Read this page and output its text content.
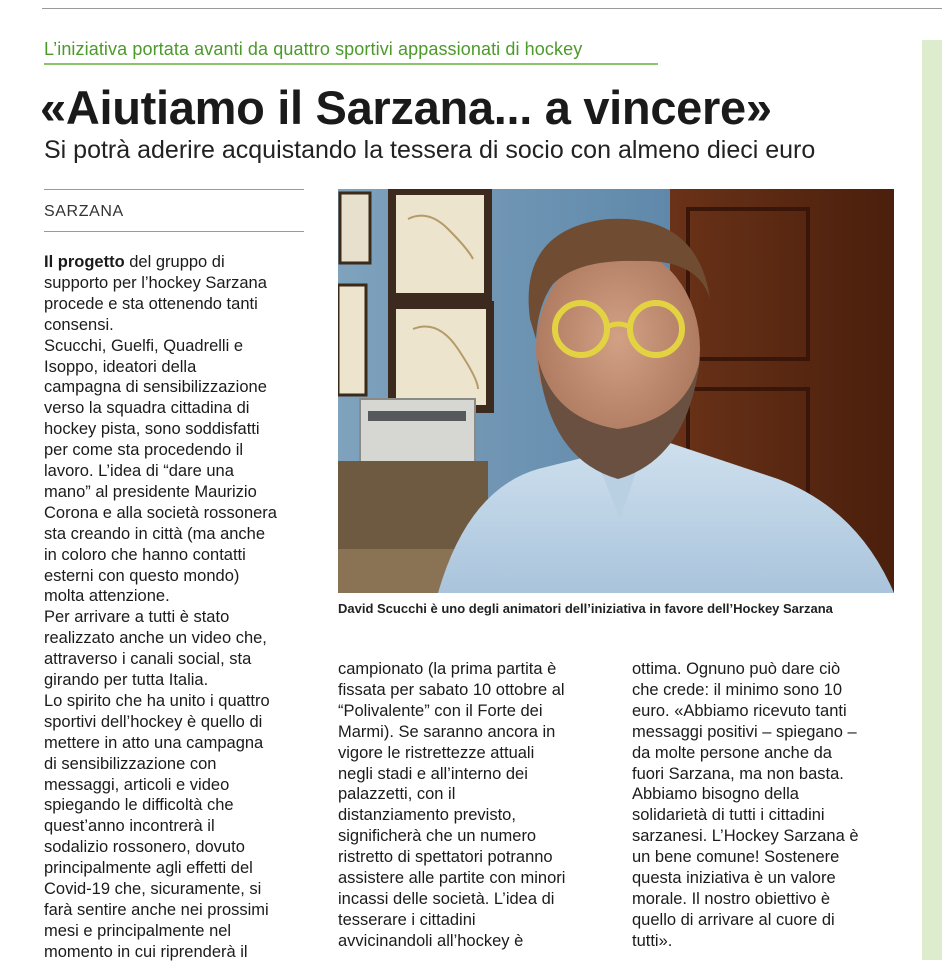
L’iniziativa portata avanti da quattro sportivi appassionati di hockey
«Aiutiamo il Sarzana... a vincere»
Si potrà aderire acquistando la tessera di socio con almeno dieci euro
SARZANA
Il progetto del gruppo di
supporto per l’hockey Sarzana
procede e sta ottenendo tanti
consensi.
Scucchi, Guelfi, Quadrelli e
Isoppo, ideatori della
campagna di sensibilizzazione
verso la squadra cittadina di
hockey pista, sono soddisfatti
per come sta procedendo il
lavoro. L’idea di “dare una
mano” al presidente Maurizio
Corona e alla società rossonera
sta creando in città (ma anche
in coloro che hanno contatti
esterni con questo mondo)
molta attenzione.
Per arrivare a tutti è stato
realizzato anche un video che,
attraverso i canali social, sta
girando per tutta Italia.
Lo spirito che ha unito i quattro
sportivi dell’hockey è quello di
mettere in atto una campagna
di sensibilizzazione con
messaggi, articoli e video
spiegando le difficoltà che
quest’anno incontrerà il
sodalizio rossonero, dovuto
principalmente agli effetti del
Covid-19 che, sicuramente, si
farà sentire anche nei prossimi
mesi e principalmente nel
momento in cui riprenderà il
campionato (la prima partita è
fissata per sabato 10 ottobre al
“Polivalente” con il Forte dei
Marmi). Se saranno ancora in
vigore le ristrettezze attuali
negli stadi e all’interno dei
palazzetti, con il
distanziamento previsto,
significherà che un numero
ristretto di spettatori potranno
assistere alle partite con minori
incassi delle società. L’idea di
tesserare i cittadini
avvicinandoli all’hockey è
ottima. Ognuno può dare ciò
che crede: il minimo sono 10
euro. «Abbiamo ricevuto tanti
messaggi positivi – spiegano –
da molte persone anche da
fuori Sarzana, ma non basta.
Abbiamo bisogno della
solidarietà di tutti i cittadini
sarzanesi. L’Hockey Sarzana è
un bene comune! Sostenere
questa iniziativa è un valore
morale. Il nostro obiettivo è
quello di arrivare al cuore di
tutti».
David Scucchi è uno degli animatori dell’iniziativa in favore dell’Hockey Sarzana
